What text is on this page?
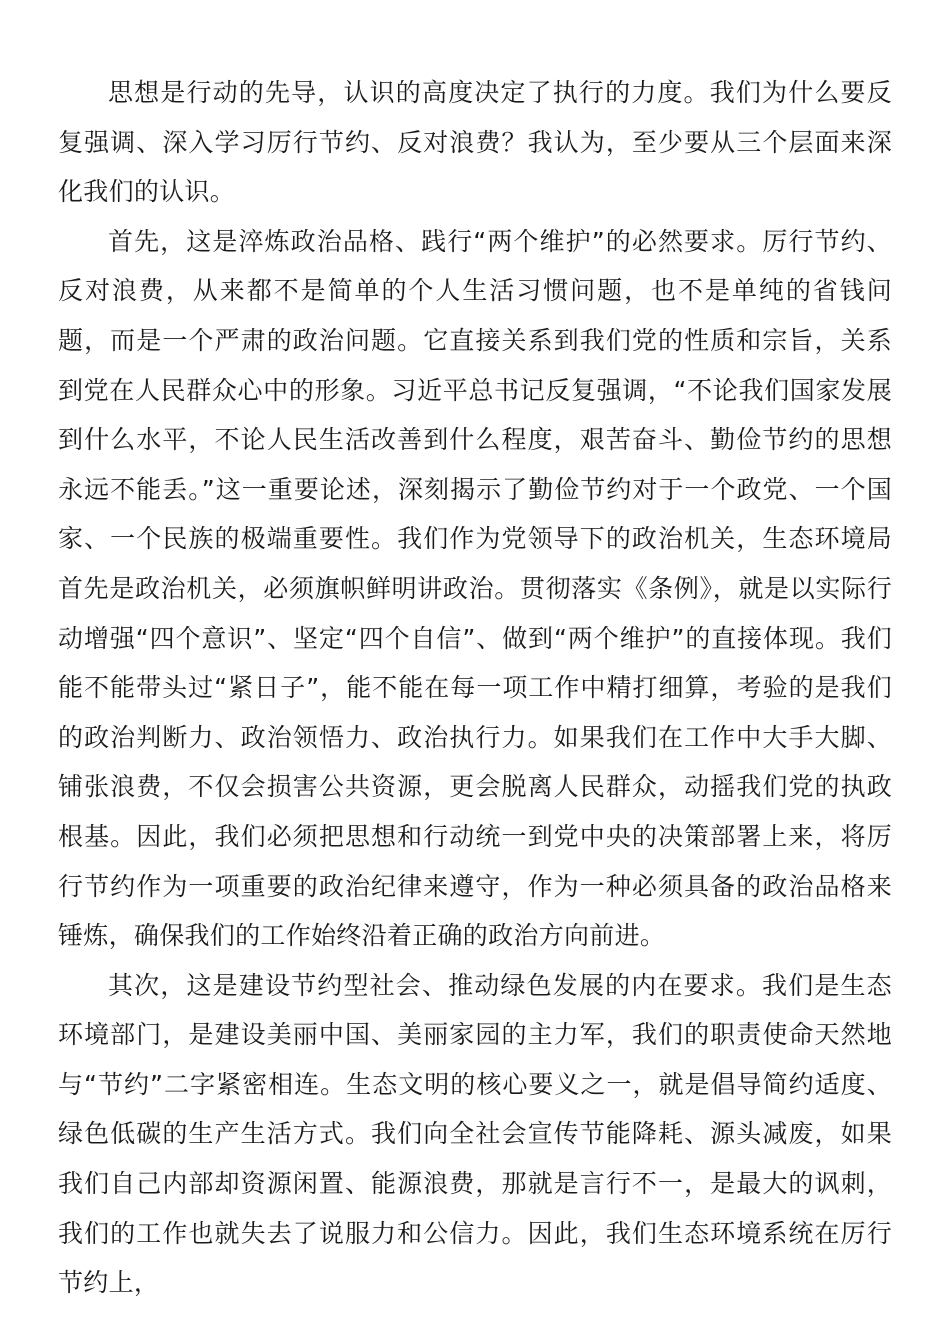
思想是行动的先导，认识的高度决定了执行的力度。我们为什么要反复强调、深入学习厉行节约、反对浪费？我认为，至少要从三个层面来深化我们的认识。

首先，这是淬炼政治品格、践行“两个维护”的必然要求。厉行节约、反对浪费，从来都不是简单的个人生活习惯问题，也不是单纯的省钱问题，而是一个严肃的政治问题。它直接关系到我们党的性质和宗旨，关系到党在人民群众心中的形象。习近平总书记反复强调，“不论我们国家发展到什么水平，不论人民生活改善到什么程度，艰苦奋斗、勤俭节约的思想永远不能丢。”这一重要论述，深刻揭示了勤俭节约对于一个政党、一个国家、一个民族的极端重要性。我们作为党领导下的政治机关，生态环境局首先是政治机关，必须旗帜鲜明讲政治。贯彻落实《条例》，就是以实际行动增强“四个意识”、坚定“四个自信”、做到“两个维护”的直接体现。我们能不能带头过“紧日子”，能不能在每一项工作中精打细算，考验的是我们的政治判断力、政治领悟力、政治执行力。如果我们在工作中大手大脚、铺张浪费，不仅会损害公共资源，更会脱离人民群众，动摇我们党的执政根基。因此，我们必须把思想和行动统一到党中央的决策部署上来，将厉行节约作为一项重要的政治纪律来遵守，作为一种必须具备的政治品格来锤炼，确保我们的工作始终沿着正确的政治方向前进。

其次，这是建设节约型社会、推动绿色发展的内在要求。我们是生态环境部门，是建设美丽中国、美丽家园的主力军，我们的职责使命天然地与“节约”二字紧密相连。生态文明的核心要义之一，就是倡导简约适度、绿色低碳的生产生活方式。我们向全社会宣传节能降耗、源头减废，如果我们自己内部却资源闲置、能源浪费，那就是言行不一，是最大的讽刺，我们的工作也就失去了说服力和公信力。因此，我们生态环境系统在厉行节约上，
